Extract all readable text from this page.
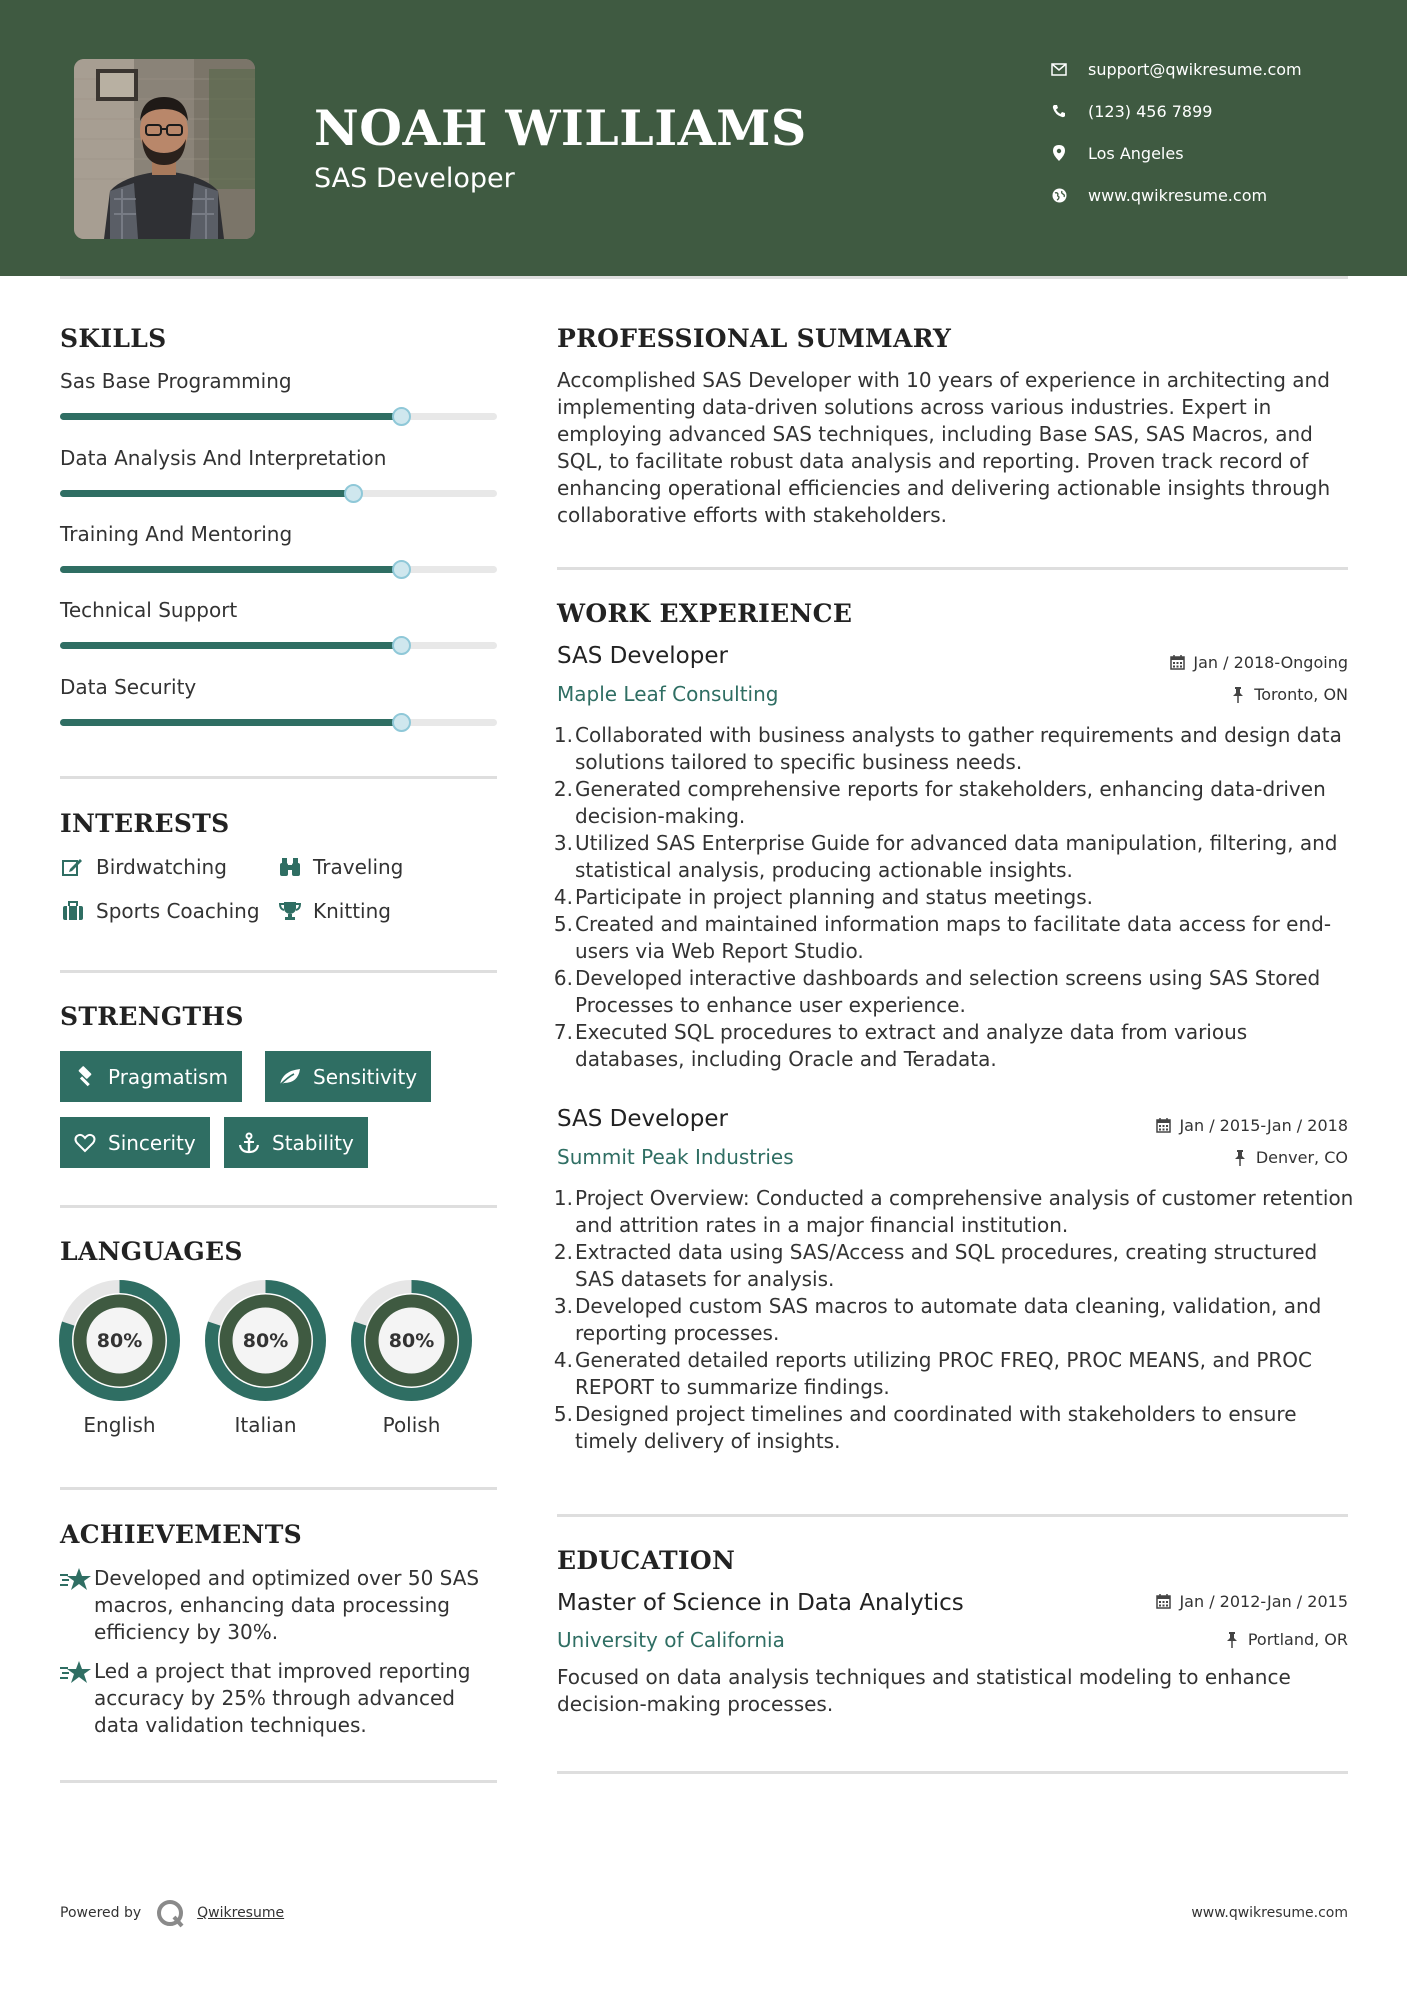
NOAH WILLIAMS
SAS Developer
support@qwikresume.com
(123) 456 7899
Los Angeles
www.qwikresume.com
SKILLS
Sas Base Programming
Data Analysis And Interpretation
Training And Mentoring
Technical Support
Data Security
INTERESTS
Birdwatching	Traveling
Sports Coaching	Knitting
STRENGTHS
Pragmatism	Sensitivity
Sincerity	Stability
LANGUAGES
80%
English
80%
Italian
80%
Polish
ACHIEVEMENTS
Developed and optimized over 50 SAS macros, enhancing data processing efficiency by 30%.
Led a project that improved reporting accuracy by 25% through advanced data validation techniques.
PROFESSIONAL SUMMARY
Accomplished SAS Developer with 10 years of experience in architecting and implementing data-driven solutions across various industries. Expert in employing advanced SAS techniques, including Base SAS, SAS Macros, and SQL, to facilitate robust data analysis and reporting. Proven track record of enhancing operational efficiencies and delivering actionable insights through collaborative efforts with stakeholders.
WORK EXPERIENCE
SAS Developer	Jan / 2018-Ongoing
Maple Leaf Consulting	Toronto, ON
1. Collaborated with business analysts to gather requirements and design data solutions tailored to specific business needs.
2. Generated comprehensive reports for stakeholders, enhancing data-driven decision-making.
3. Utilized SAS Enterprise Guide for advanced data manipulation, filtering, and statistical analysis, producing actionable insights.
4. Participate in project planning and status meetings.
5. Created and maintained information maps to facilitate data access for end-users via Web Report Studio.
6. Developed interactive dashboards and selection screens using SAS Stored Processes to enhance user experience.
7. Executed SQL procedures to extract and analyze data from various databases, including Oracle and Teradata.
SAS Developer	Jan / 2015-Jan / 2018
Summit Peak Industries	Denver, CO
1. Project Overview: Conducted a comprehensive analysis of customer retention and attrition rates in a major financial institution.
2. Extracted data using SAS/Access and SQL procedures, creating structured SAS datasets for analysis.
3. Developed custom SAS macros to automate data cleaning, validation, and reporting processes.
4. Generated detailed reports utilizing PROC FREQ, PROC MEANS, and PROC REPORT to summarize findings.
5. Designed project timelines and coordinated with stakeholders to ensure timely delivery of insights.
EDUCATION
Master of Science in Data Analytics	Jan / 2012-Jan / 2015
University of California	Portland, OR
Focused on data analysis techniques and statistical modeling to enhance decision-making processes.
Powered by	Qwikresume	www.qwikresume.com
